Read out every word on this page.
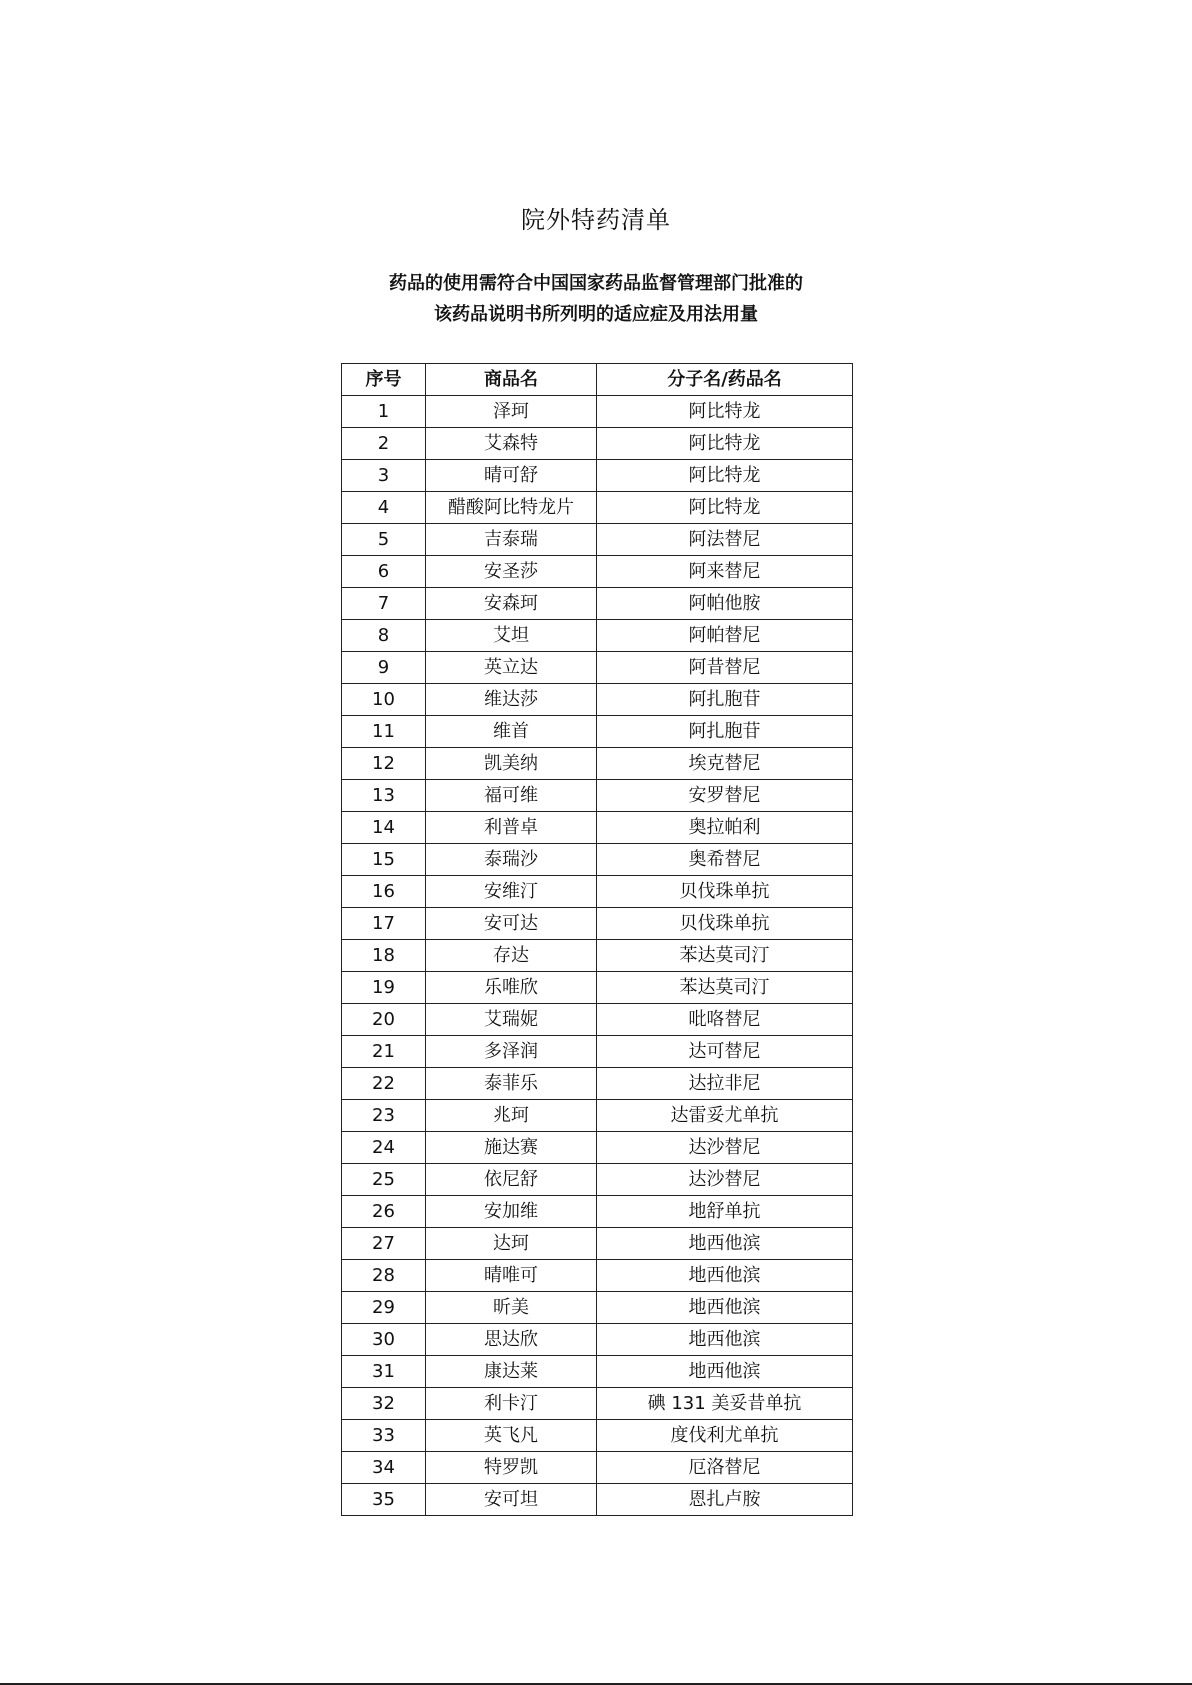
院外特药清单
药品的使用需符合中国国家药品监督管理部门批准的
该药品说明书所列明的适应症及用法用量
序号	商品名	分子名/药品名
1	泽珂	阿比特龙
2	艾森特	阿比特龙
3	晴可舒	阿比特龙
4	醋酸阿比特龙片	阿比特龙
5	吉泰瑞	阿法替尼
6	安圣莎	阿来替尼
7	安森珂	阿帕他胺
8	艾坦	阿帕替尼
9	英立达	阿昔替尼
10	维达莎	阿扎胞苷
11	维首	阿扎胞苷
12	凯美纳	埃克替尼
13	福可维	安罗替尼
14	利普卓	奥拉帕利
15	泰瑞沙	奥希替尼
16	安维汀	贝伐珠单抗
17	安可达	贝伐珠单抗
18	存达	苯达莫司汀
19	乐唯欣	苯达莫司汀
20	艾瑞妮	吡咯替尼
21	多泽润	达可替尼
22	泰菲乐	达拉非尼
23	兆珂	达雷妥尤单抗
24	施达赛	达沙替尼
25	依尼舒	达沙替尼
26	安加维	地舒单抗
27	达珂	地西他滨
28	晴唯可	地西他滨
29	昕美	地西他滨
30	思达欣	地西他滨
31	康达莱	地西他滨
32	利卡汀	碘 131 美妥昔单抗
33	英飞凡	度伐利尤单抗
34	特罗凯	厄洛替尼
35	安可坦	恩扎卢胺
